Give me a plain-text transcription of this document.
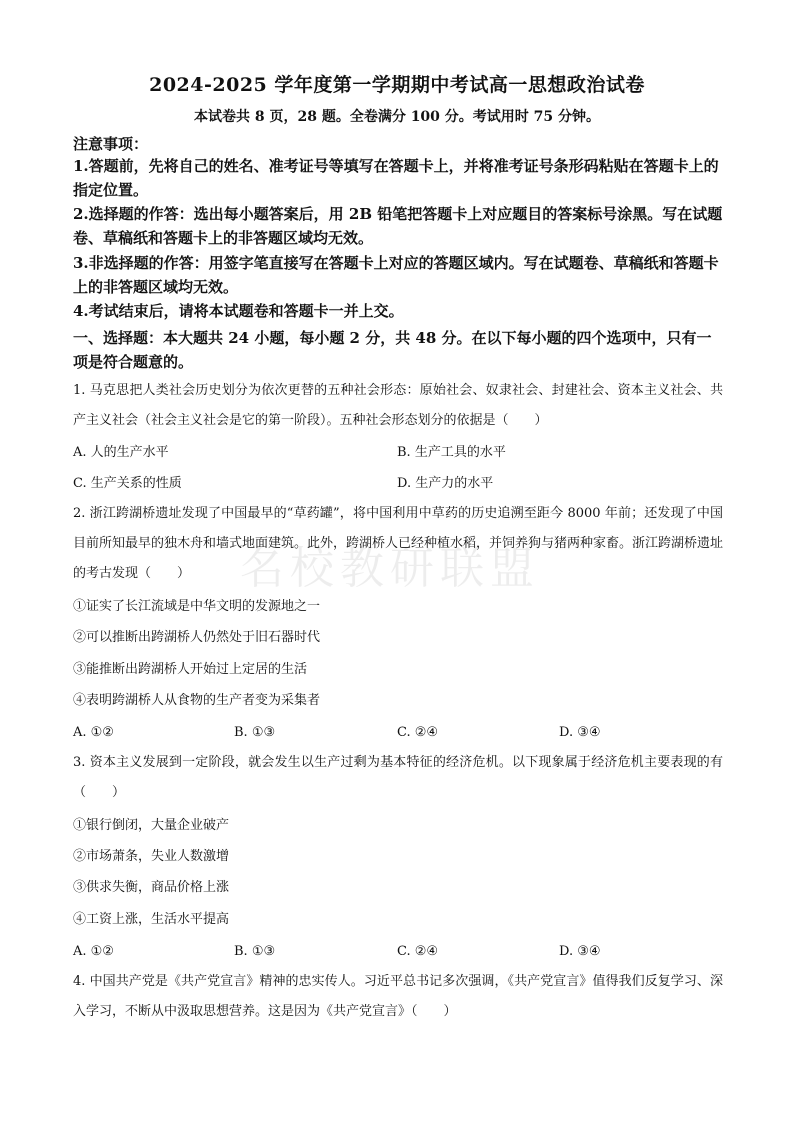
2024-2025 学年度第一学期期中考试高一思想政治试卷
本试卷共 8 页，28 题。全卷满分 100 分。考试用时 75 分钟。
注意事项：
1.答题前，先将自己的姓名、准考证号等填写在答题卡上，并将准考证号条形码粘贴在答题卡上的指定位置。
2.选择题的作答：选出每小题答案后，用 2B 铅笔把答题卡上对应题目的答案标号涂黑。写在试题卷、草稿纸和答题卡上的非答题区域均无效。
3.非选择题的作答：用签字笔直接写在答题卡上对应的答题区域内。写在试题卷、草稿纸和答题卡上的非答题区域均无效。
4.考试结束后，请将本试题卷和答题卡一并上交。
一、选择题：本大题共 24 小题，每小题 2 分，共 48 分。在以下每小题的四个选项中，只有一项是符合题意的。
1. 马克思把人类社会历史划分为依次更替的五种社会形态：原始社会、奴隶社会、封建社会、资本主义社会、共产主义社会（社会主义社会是它的第一阶段）。五种社会形态划分的依据是（　　）
A. 人的生产水平	B. 生产工具的水平
C. 生产关系的性质	D. 生产力的水平
2. 浙江跨湖桥遗址发现了中国最早的“草药罐”，将中国利用中草药的历史追溯至距今 8000 年前；还发现了中国目前所知最早的独木舟和墙式地面建筑。此外，跨湖桥人已经种植水稻，并饲养狗与猪两种家畜。浙江跨湖桥遗址的考古发现（　　）
①证实了长江流域是中华文明的发源地之一
②可以推断出跨湖桥人仍然处于旧石器时代
③能推断出跨湖桥人开始过上定居的生活
④表明跨湖桥人从食物的生产者变为采集者
A. ①②	B. ①③	C. ②④	D. ③④
3. 资本主义发展到一定阶段，就会发生以生产过剩为基本特征的经济危机。以下现象属于经济危机主要表现的有（　　）
①银行倒闭，大量企业破产
②市场萧条，失业人数激增
③供求失衡，商品价格上涨
④工资上涨，生活水平提高
A. ①②	B. ①③	C. ②④	D. ③④
4. 中国共产党是《共产党宣言》精神的忠实传人。习近平总书记多次强调，《共产党宣言》值得我们反复学习、深入学习，不断从中汲取思想营养。这是因为《共产党宣言》（　　）
名校教研联盟
